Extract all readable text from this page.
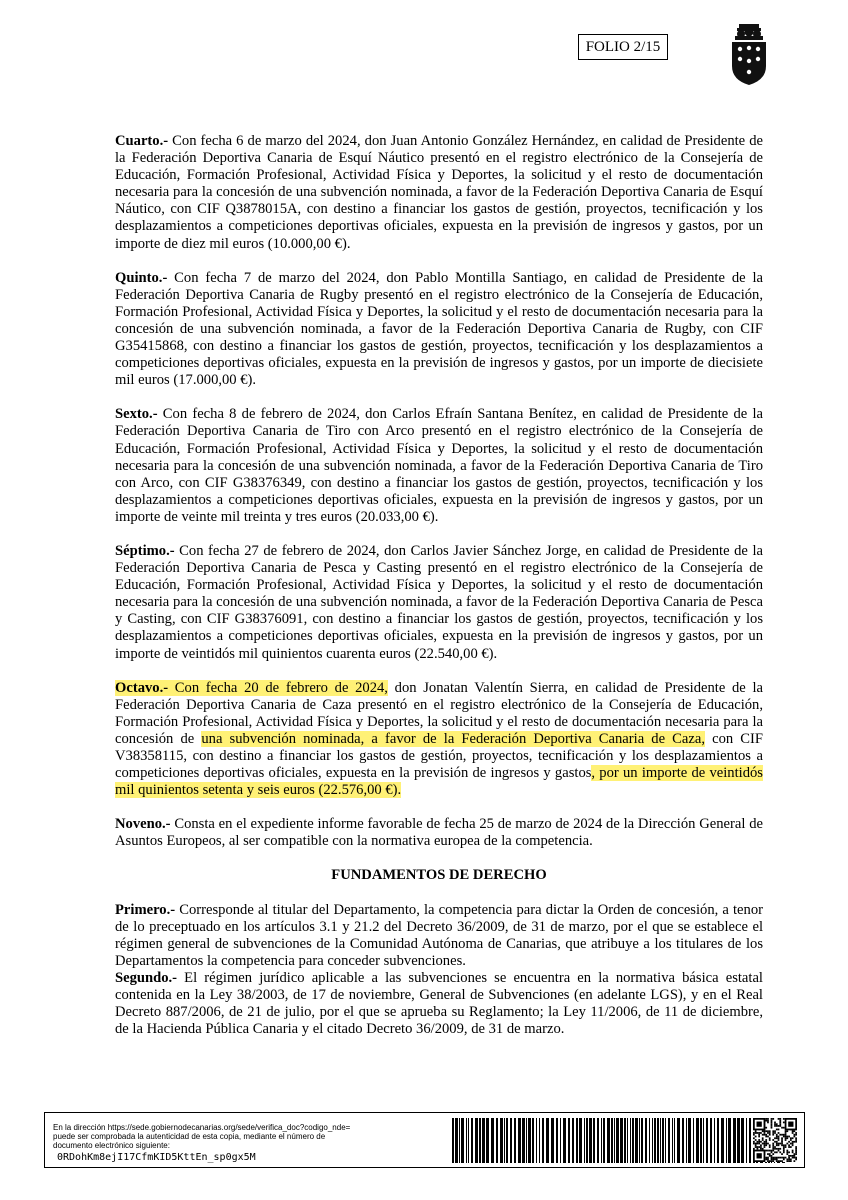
FOLIO 2/15

Cuarto.- Con fecha 6 de marzo del 2024, don Juan Antonio González Hernández, en calidad de Presidente de la Federación Deportiva Canaria de Esquí Náutico presentó en el registro electrónico de la Consejería de Educación, Formación Profesional, Actividad Física y Deportes, la solicitud y el resto de documentación necesaria para la concesión de una subvención nominada, a favor de la Federación Deportiva Canaria de Esquí Náutico, con CIF Q3878015A, con destino a financiar los gastos de gestión, proyectos, tecnificación y los desplazamientos a competiciones deportivas oficiales, expuesta en la previsión de ingresos y gastos, por un importe de diez mil euros (10.000,00 €).

Quinto.- Con fecha 7 de marzo del 2024, don Pablo Montilla Santiago, en calidad de Presidente de la Federación Deportiva Canaria de Rugby presentó en el registro electrónico de la Consejería de Educación, Formación Profesional, Actividad Física y Deportes, la solicitud y el resto de documentación necesaria para la concesión de una subvención nominada, a favor de la Federación Deportiva Canaria de Rugby, con CIF G35415868, con destino a financiar los gastos de gestión, proyectos, tecnificación y los desplazamientos a competiciones deportivas oficiales, expuesta en la previsión de ingresos y gastos, por un importe de diecisiete mil euros (17.000,00 €).

Sexto.- Con fecha 8 de febrero de 2024, don Carlos Efraín Santana Benítez, en calidad de Presidente de la Federación Deportiva Canaria de Tiro con Arco presentó en el registro electrónico de la Consejería de Educación, Formación Profesional, Actividad Física y Deportes, la solicitud y el resto de documentación necesaria para la concesión de una subvención nominada, a favor de la Federación Deportiva Canaria de Tiro con Arco, con CIF G38376349, con destino a financiar los gastos de gestión, proyectos, tecnificación y los desplazamientos a competiciones deportivas oficiales, expuesta en la previsión de ingresos y gastos, por un importe de veinte mil treinta y tres euros (20.033,00 €).

Séptimo.- Con fecha 27 de febrero de 2024, don Carlos Javier Sánchez Jorge, en calidad de Presidente de la Federación Deportiva Canaria de Pesca y Casting presentó en el registro electrónico de la Consejería de Educación, Formación Profesional, Actividad Física y Deportes, la solicitud y el resto de documentación necesaria para la concesión de una subvención nominada, a favor de la Federación Deportiva Canaria de Pesca y Casting, con CIF G38376091, con destino a financiar los gastos de gestión, proyectos, tecnificación y los desplazamientos a competiciones deportivas oficiales, expuesta en la previsión de ingresos y gastos, por un importe de veintidós mil quinientos cuarenta euros (22.540,00 €).

Octavo.- Con fecha 20 de febrero de 2024, don Jonatan Valentín Sierra, en calidad de Presidente de la Federación Deportiva Canaria de Caza presentó en el registro electrónico de la Consejería de Educación, Formación Profesional, Actividad Física y Deportes, la solicitud y el resto de documentación necesaria para la concesión de una subvención nominada, a favor de la Federación Deportiva Canaria de Caza, con CIF V38358115, con destino a financiar los gastos de gestión, proyectos, tecnificación y los desplazamientos a competiciones deportivas oficiales, expuesta en la previsión de ingresos y gastos, por un importe de veintidós mil quinientos setenta y seis euros (22.576,00 €).

Noveno.- Consta en el expediente informe favorable de fecha 25 de marzo de 2024 de la Dirección General de Asuntos Europeos, al ser compatible con la normativa europea de la competencia.

FUNDAMENTOS DE DERECHO

Primero.- Corresponde al titular del Departamento, la competencia para dictar la Orden de concesión, a tenor de lo preceptuado en los artículos 3.1 y 21.2 del Decreto 36/2009, de 31 de marzo, por el que se establece el régimen general de subvenciones de la Comunidad Autónoma de Canarias, que atribuye a los titulares de los Departamentos la competencia para conceder subvenciones.

Segundo.- El régimen jurídico aplicable a las subvenciones se encuentra en la normativa básica estatal contenida en la Ley 38/2003, de 17 de noviembre, General de Subvenciones (en adelante LGS), y en el Real Decreto 887/2006, de 21 de julio, por el que se aprueba su Reglamento; la Ley 11/2006, de 11 de diciembre, de la Hacienda Pública Canaria y el citado Decreto 36/2009, de 31 de marzo.

En la dirección https://sede.gobiernodecanarias.org/sede/verifica_doc?codigo_nde= puede ser comprobada la autenticidad de esta copia, mediante el número de documento electrónico siguiente:
0RDohKm8ejI17CfmKID5KttEn_sp0gx5M
